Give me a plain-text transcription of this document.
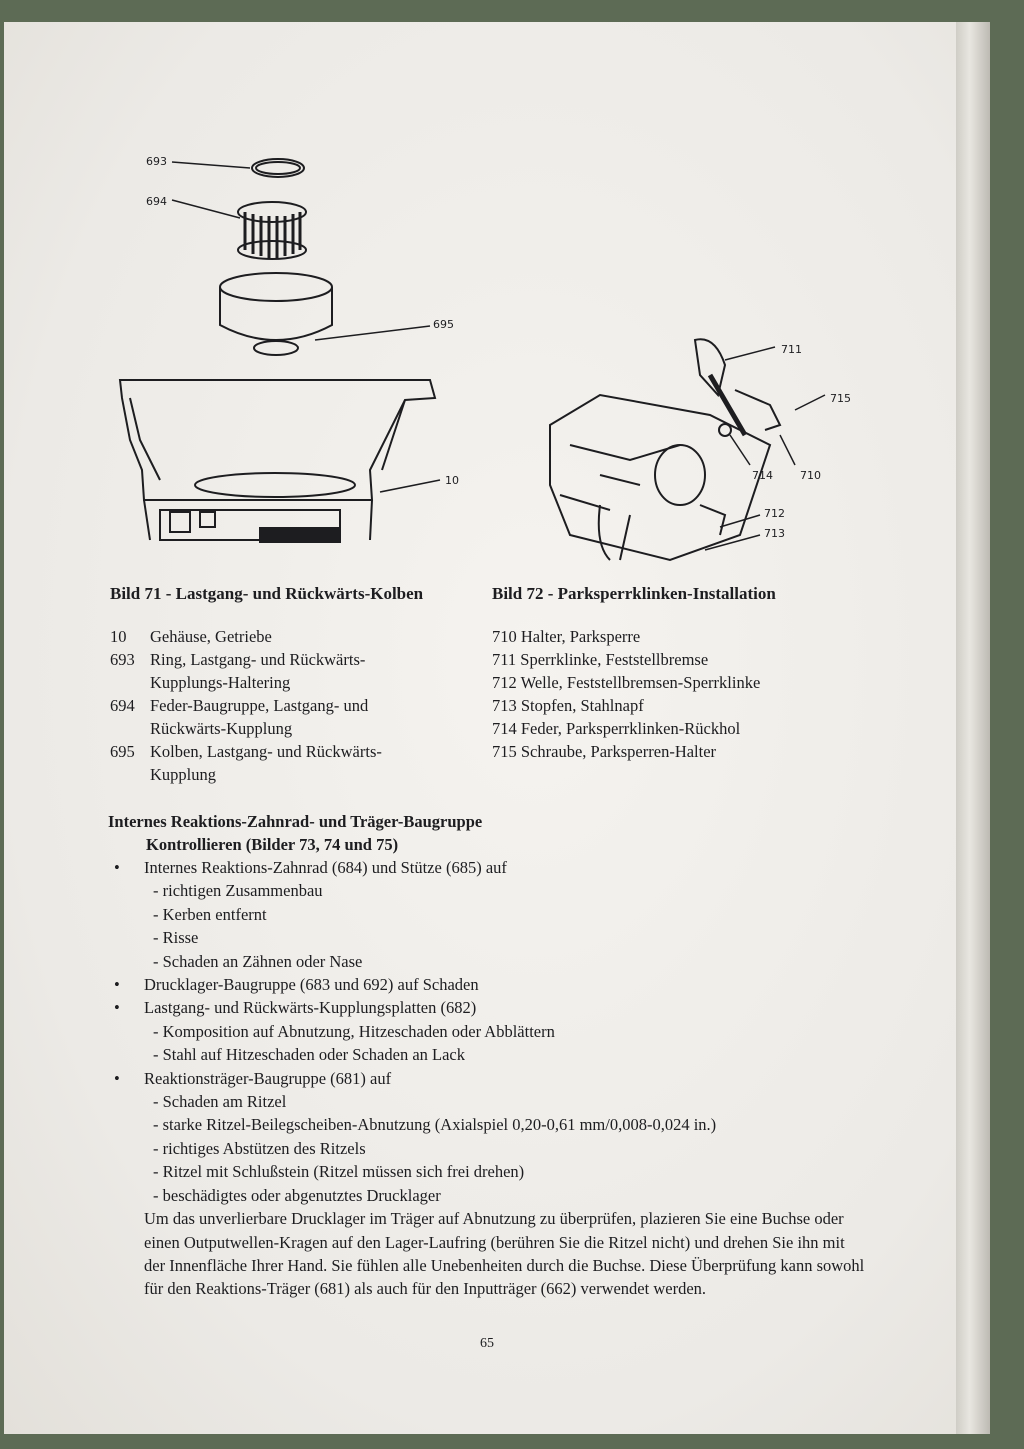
693
694
695
10
711
715
714 710
712
713
Bild 71 - Lastgang- und Rückwärts-Kolben	Bild 72 - Parksperrklinken-Installation
10	Gehäuse, Getriebe
693 Ring, Lastgang- und Rückwärts-Kupplungs-Haltering
694 Feder-Baugruppe, Lastgang- und Rückwärts-Kupplung
695 Kolben, Lastgang- und Rückwärts-Kupplung
710 Halter, Parksperre
711 Sperrklinke, Feststellbremse
712 Welle, Feststellbremsen-Sperrklinke
713 Stopfen, Stahlnapf
714 Feder, Parksperrklinken-Rückhol
715 Schraube, Parksperren-Halter
Internes Reaktions-Zahnrad- und Träger-Baugruppe
Kontrollieren (Bilder 73, 74 und 75)
• Internes Reaktions-Zahnrad (684) und Stütze (685) auf
- richtigen Zusammenbau
- Kerben entfernt
- Risse
- Schaden an Zähnen oder Nase
• Drucklager-Baugruppe (683 und 692) auf Schaden
• Lastgang- und Rückwärts-Kupplungsplatten (682)
- Komposition auf Abnutzung, Hitzeschaden oder Abblättern
- Stahl auf Hitzeschaden oder Schaden an Lack
• Reaktionsträger-Baugruppe (681) auf
- Schaden am Ritzel
- starke Ritzel-Beilegscheiben-Abnutzung (Axialspiel 0,20-0,61 mm/0,008-0,024 in.)
- richtiges Abstützen des Ritzels
- Ritzel mit Schlußstein (Ritzel müssen sich frei drehen)
- beschädigtes oder abgenutztes Drucklager
Um das unverlierbare Drucklager im Träger auf Abnutzung zu überprüfen, plazieren Sie eine Buchse oder einen Outputwellen-Kragen auf den Lager-Laufring (berühren Sie die Ritzel nicht) und drehen Sie ihn mit der Innenfläche Ihrer Hand. Sie fühlen alle Unebenheiten durch die Buchse. Diese Überprüfung kann sowohl für den Reaktions-Träger (681) als auch für den Inputträger (662) verwendet werden.
65
